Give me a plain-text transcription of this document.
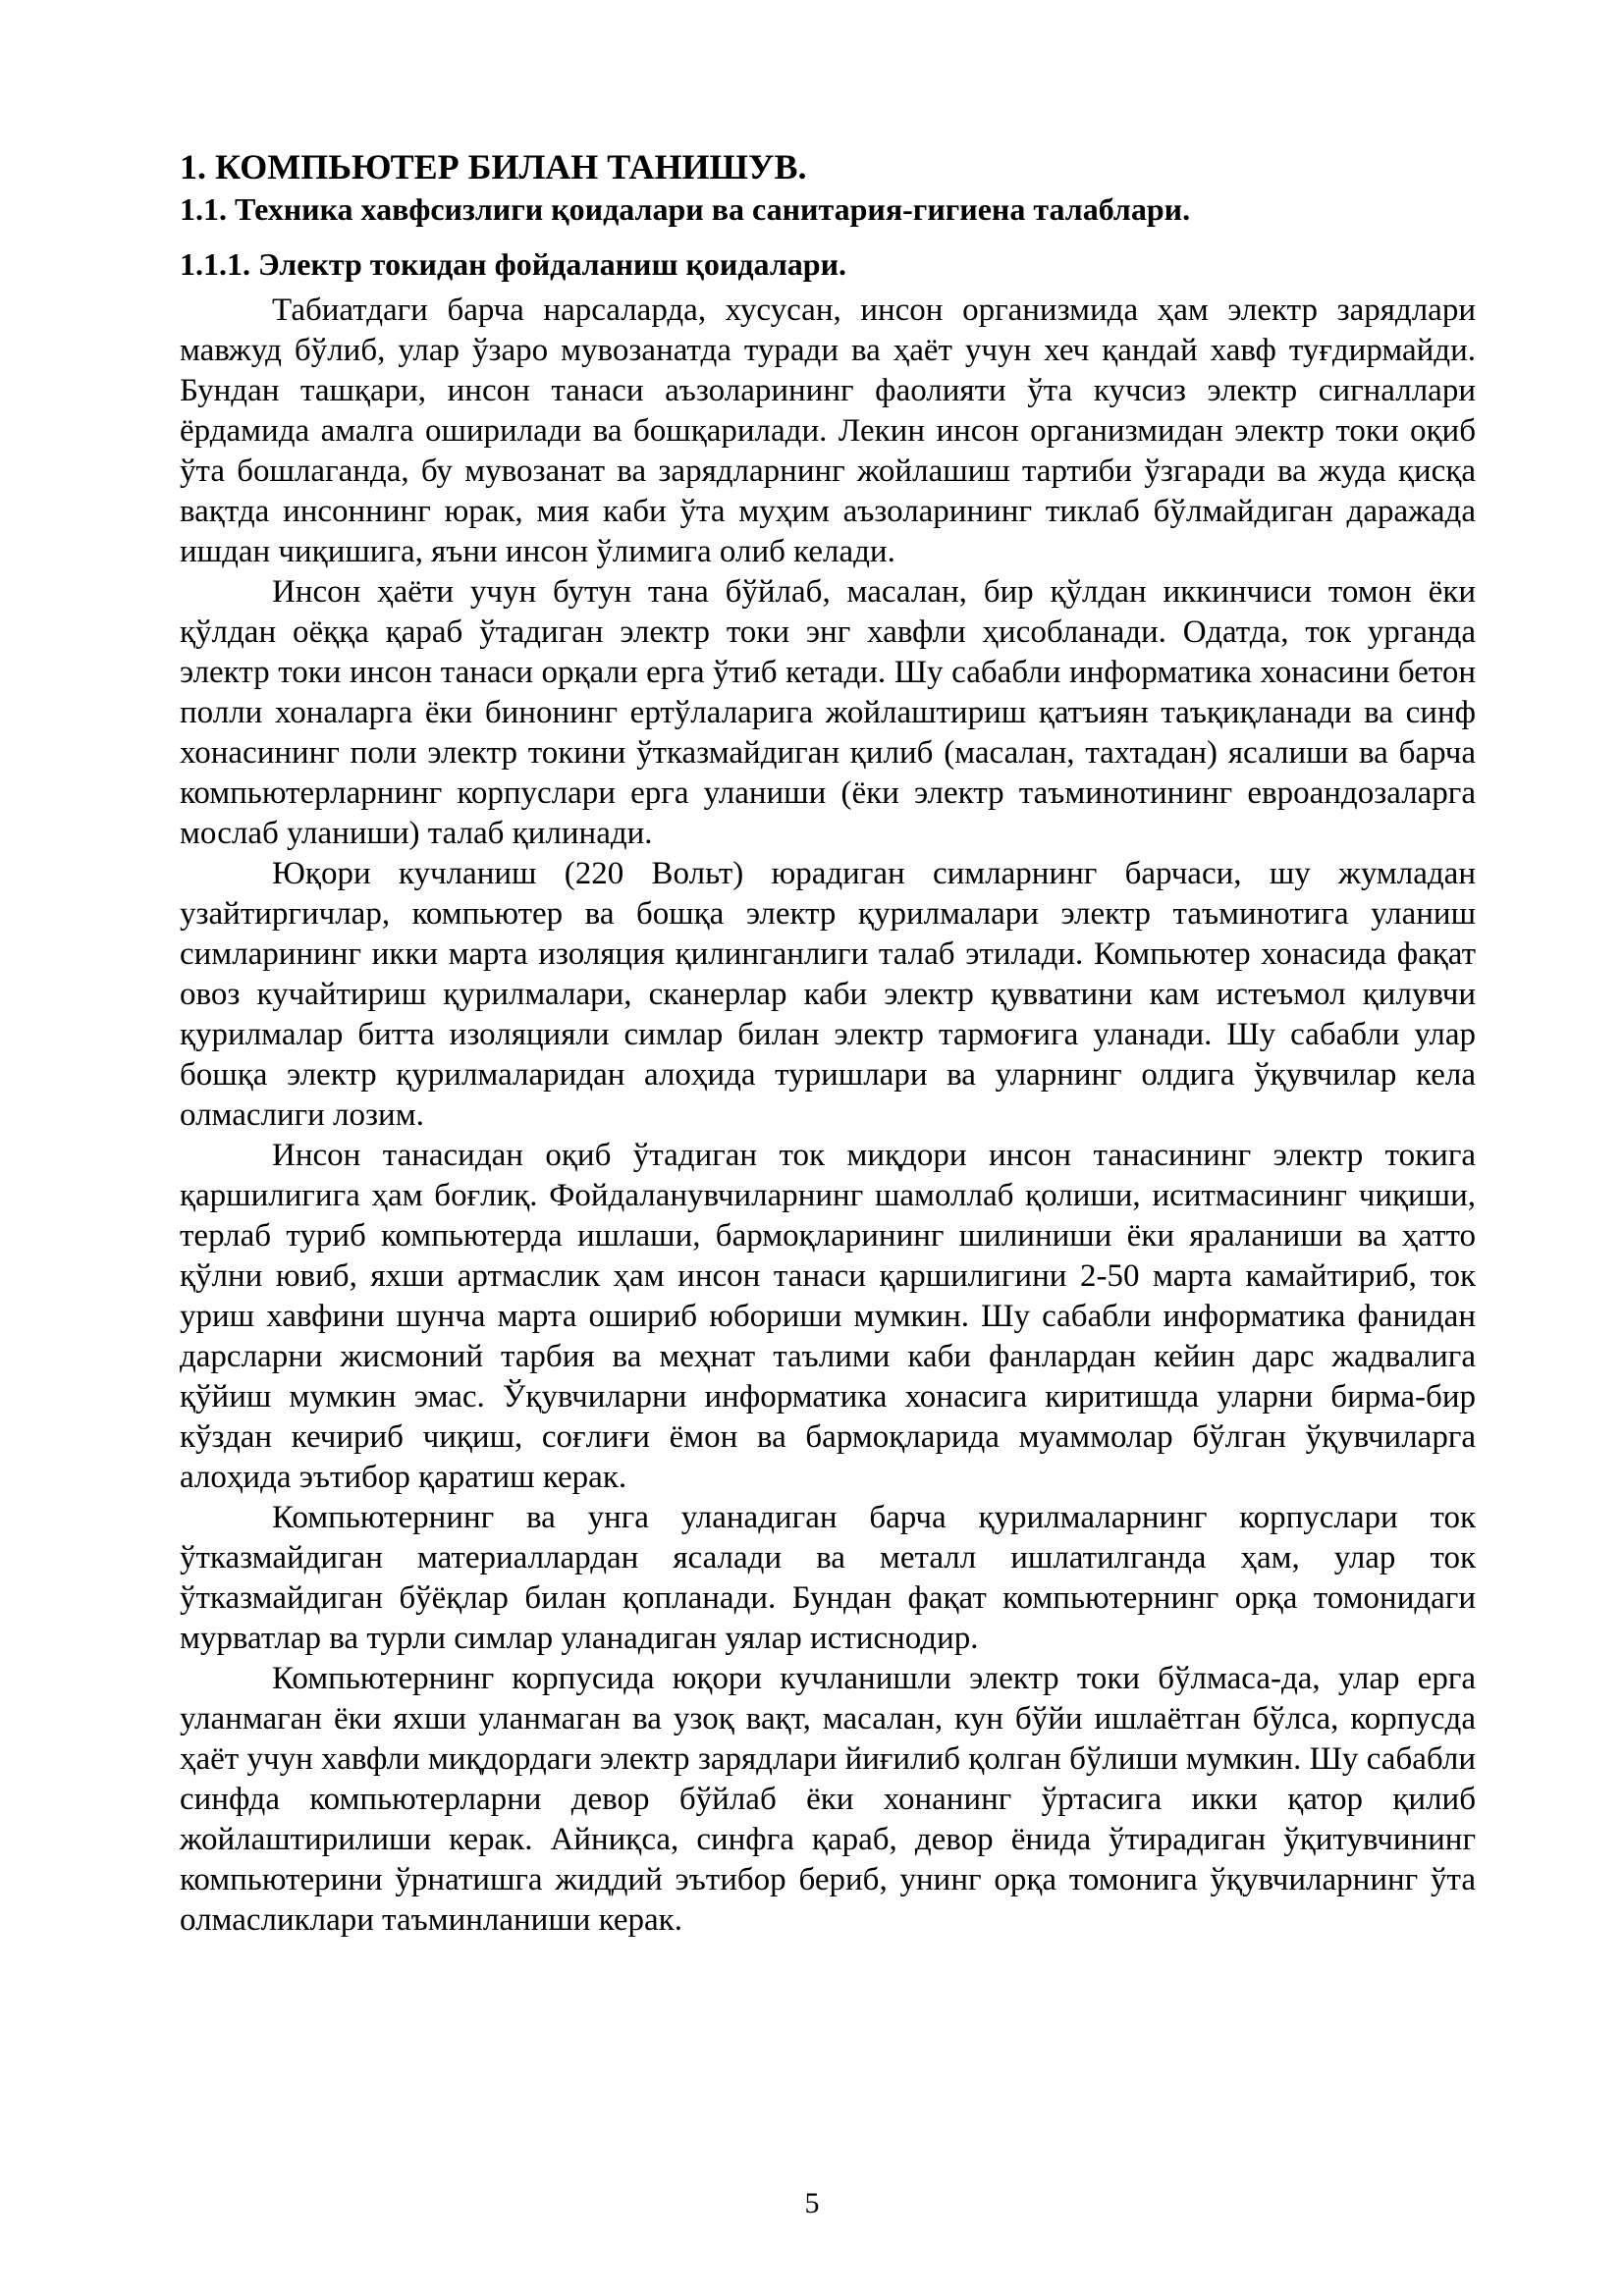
1. КОМПЬЮТЕР БИЛАН ТАНИШУВ.
1.1. Техника хавфсизлиги қоидалари ва санитария-гигиена талаблари.
1.1.1. Электр токидан фойдаланиш қоидалари.

Табиатдаги барча нарсаларда, хусусан, инсон организмида ҳам электр зарядлари мавжуд бўлиб, улар ўзаро мувозанатда туради ва ҳаёт учун хеч қандай хавф туғдирмайди. Бундан ташқари, инсон танаси аъзоларининг фаолияти ўта кучсиз электр сигналлари ёрдамида амалга оширилади ва бошқарилади. Лекин инсон организмидан электр токи оқиб ўта бошлаганда, бу мувозанат ва зарядларнинг жойлашиш тартиби ўзгаради ва жуда қисқа вақтда инсоннинг юрак, мия каби ўта муҳим аъзоларининг тиклаб бўлмайдиган даражада ишдан чиқишига, яъни инсон ўлимига олиб келади.

Инсон ҳаёти учун бутун тана бўйлаб, масалан, бир қўлдан иккинчиси томон ёки қўлдан оёққа қараб ўтадиган электр токи энг хавфли ҳисобланади. Одатда, ток урганда электр токи инсон танаси орқали ерга ўтиб кетади. Шу сабабли информатика хонасини бетон полли хоналарга ёки бинонинг ертўлаларига жойлаштириш қатъиян таъқиқланади ва синф хонасининг поли электр токини ўтказмайдиган қилиб (масалан, тахтадан) ясалиши ва барча компьютерларнинг корпуслари ерга уланиши (ёки электр таъминотининг евроандозаларга мослаб уланиши) талаб қилинади.

Юқори кучланиш (220 Вольт) юрадиган симларнинг барчаси, шу жумладан узайтиргичлар, компьютер ва бошқа электр қурилмалари электр таъминотига уланиш симларининг икки марта изоляция қилинганлиги талаб этилади. Компьютер хонасида фақат овоз кучайтириш қурилмалари, сканерлар каби электр қувватини кам истеъмол қилувчи қурилмалар битта изоляцияли симлар билан электр тармоғига уланади. Шу сабабли улар бошқа электр қурилмаларидан алоҳида туришлари ва уларнинг олдига ўқувчилар кела олмаслиги лозим.

Инсон танасидан оқиб ўтадиган ток миқдори инсон танасининг электр токига қаршилигига ҳам боғлиқ. Фойдаланувчиларнинг шамоллаб қолиши, иситмасининг чиқиши, терлаб туриб компьютерда ишлаши, бармоқларининг шилиниши ёки яраланиши ва ҳатто қўлни ювиб, яхши артмаслик ҳам инсон танаси қаршилигини 2-50 марта камайтириб, ток уриш хавфини шунча марта ошириб юбориши мумкин. Шу сабабли информатика фанидан дарсларни жисмоний тарбия ва меҳнат таълими каби фанлардан кейин дарс жадвалига қўйиш мумкин эмас. Ўқувчиларни информатика хонасига киритишда уларни бирма-бир кўздан кечириб чиқиш, соғлиғи ёмон ва бармоқларида муаммолар бўлган ўқувчиларга алоҳида эътибор қаратиш керак.

Компьютернинг ва унга уланадиган барча қурилмаларнинг корпуслари ток ўтказмайдиган материаллардан ясалади ва металл ишлатилганда ҳам, улар ток ўтказмайдиган бўёқлар билан қопланади. Бундан фақат компьютернинг орқа томонидаги мурватлар ва турли симлар уланадиган уялар истиснодир.

Компьютернинг корпусида юқори кучланишли электр токи бўлмаса-да, улар ерга уланмаган ёки яхши уланмаган ва узоқ вақт, масалан, кун бўйи ишлаётган бўлса, корпусда ҳаёт учун хавфли миқдордаги электр зарядлари йиғилиб қолган бўлиши мумкин. Шу сабабли синфда компьютерларни девор бўйлаб ёки хонанинг ўртасига икки қатор қилиб жойлаштирилиши керак. Айниқса, синфга қараб, девор ёнида ўтирадиган ўқитувчининг компьютерини ўрнатишга жиддий эътибор бериб, унинг орқа томонига ўқувчиларнинг ўта олмасликлари таъминланиши керак.

5
